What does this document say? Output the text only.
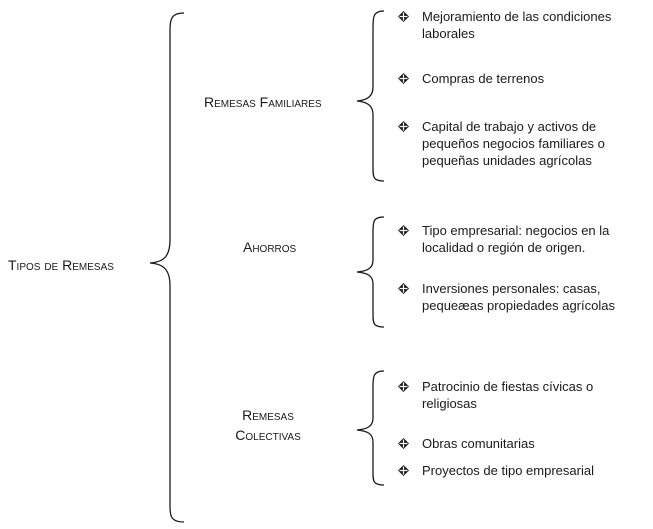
Tipos de Remesas
Remesas Familiares
Ahorros
Remesas
Colectivas
Mejoramiento de las condiciones laborales
Compras de terrenos
Capital de trabajo y activos de pequeños negocios familiares o pequeñas unidades agrícolas
Tipo empresarial: negocios en la localidad o región de origen.
Inversiones personales: casas, pequeæas propiedades agrícolas
Patrocinio de fiestas cívicas o religiosas
Obras comunitarias
Proyectos de tipo empresarial
